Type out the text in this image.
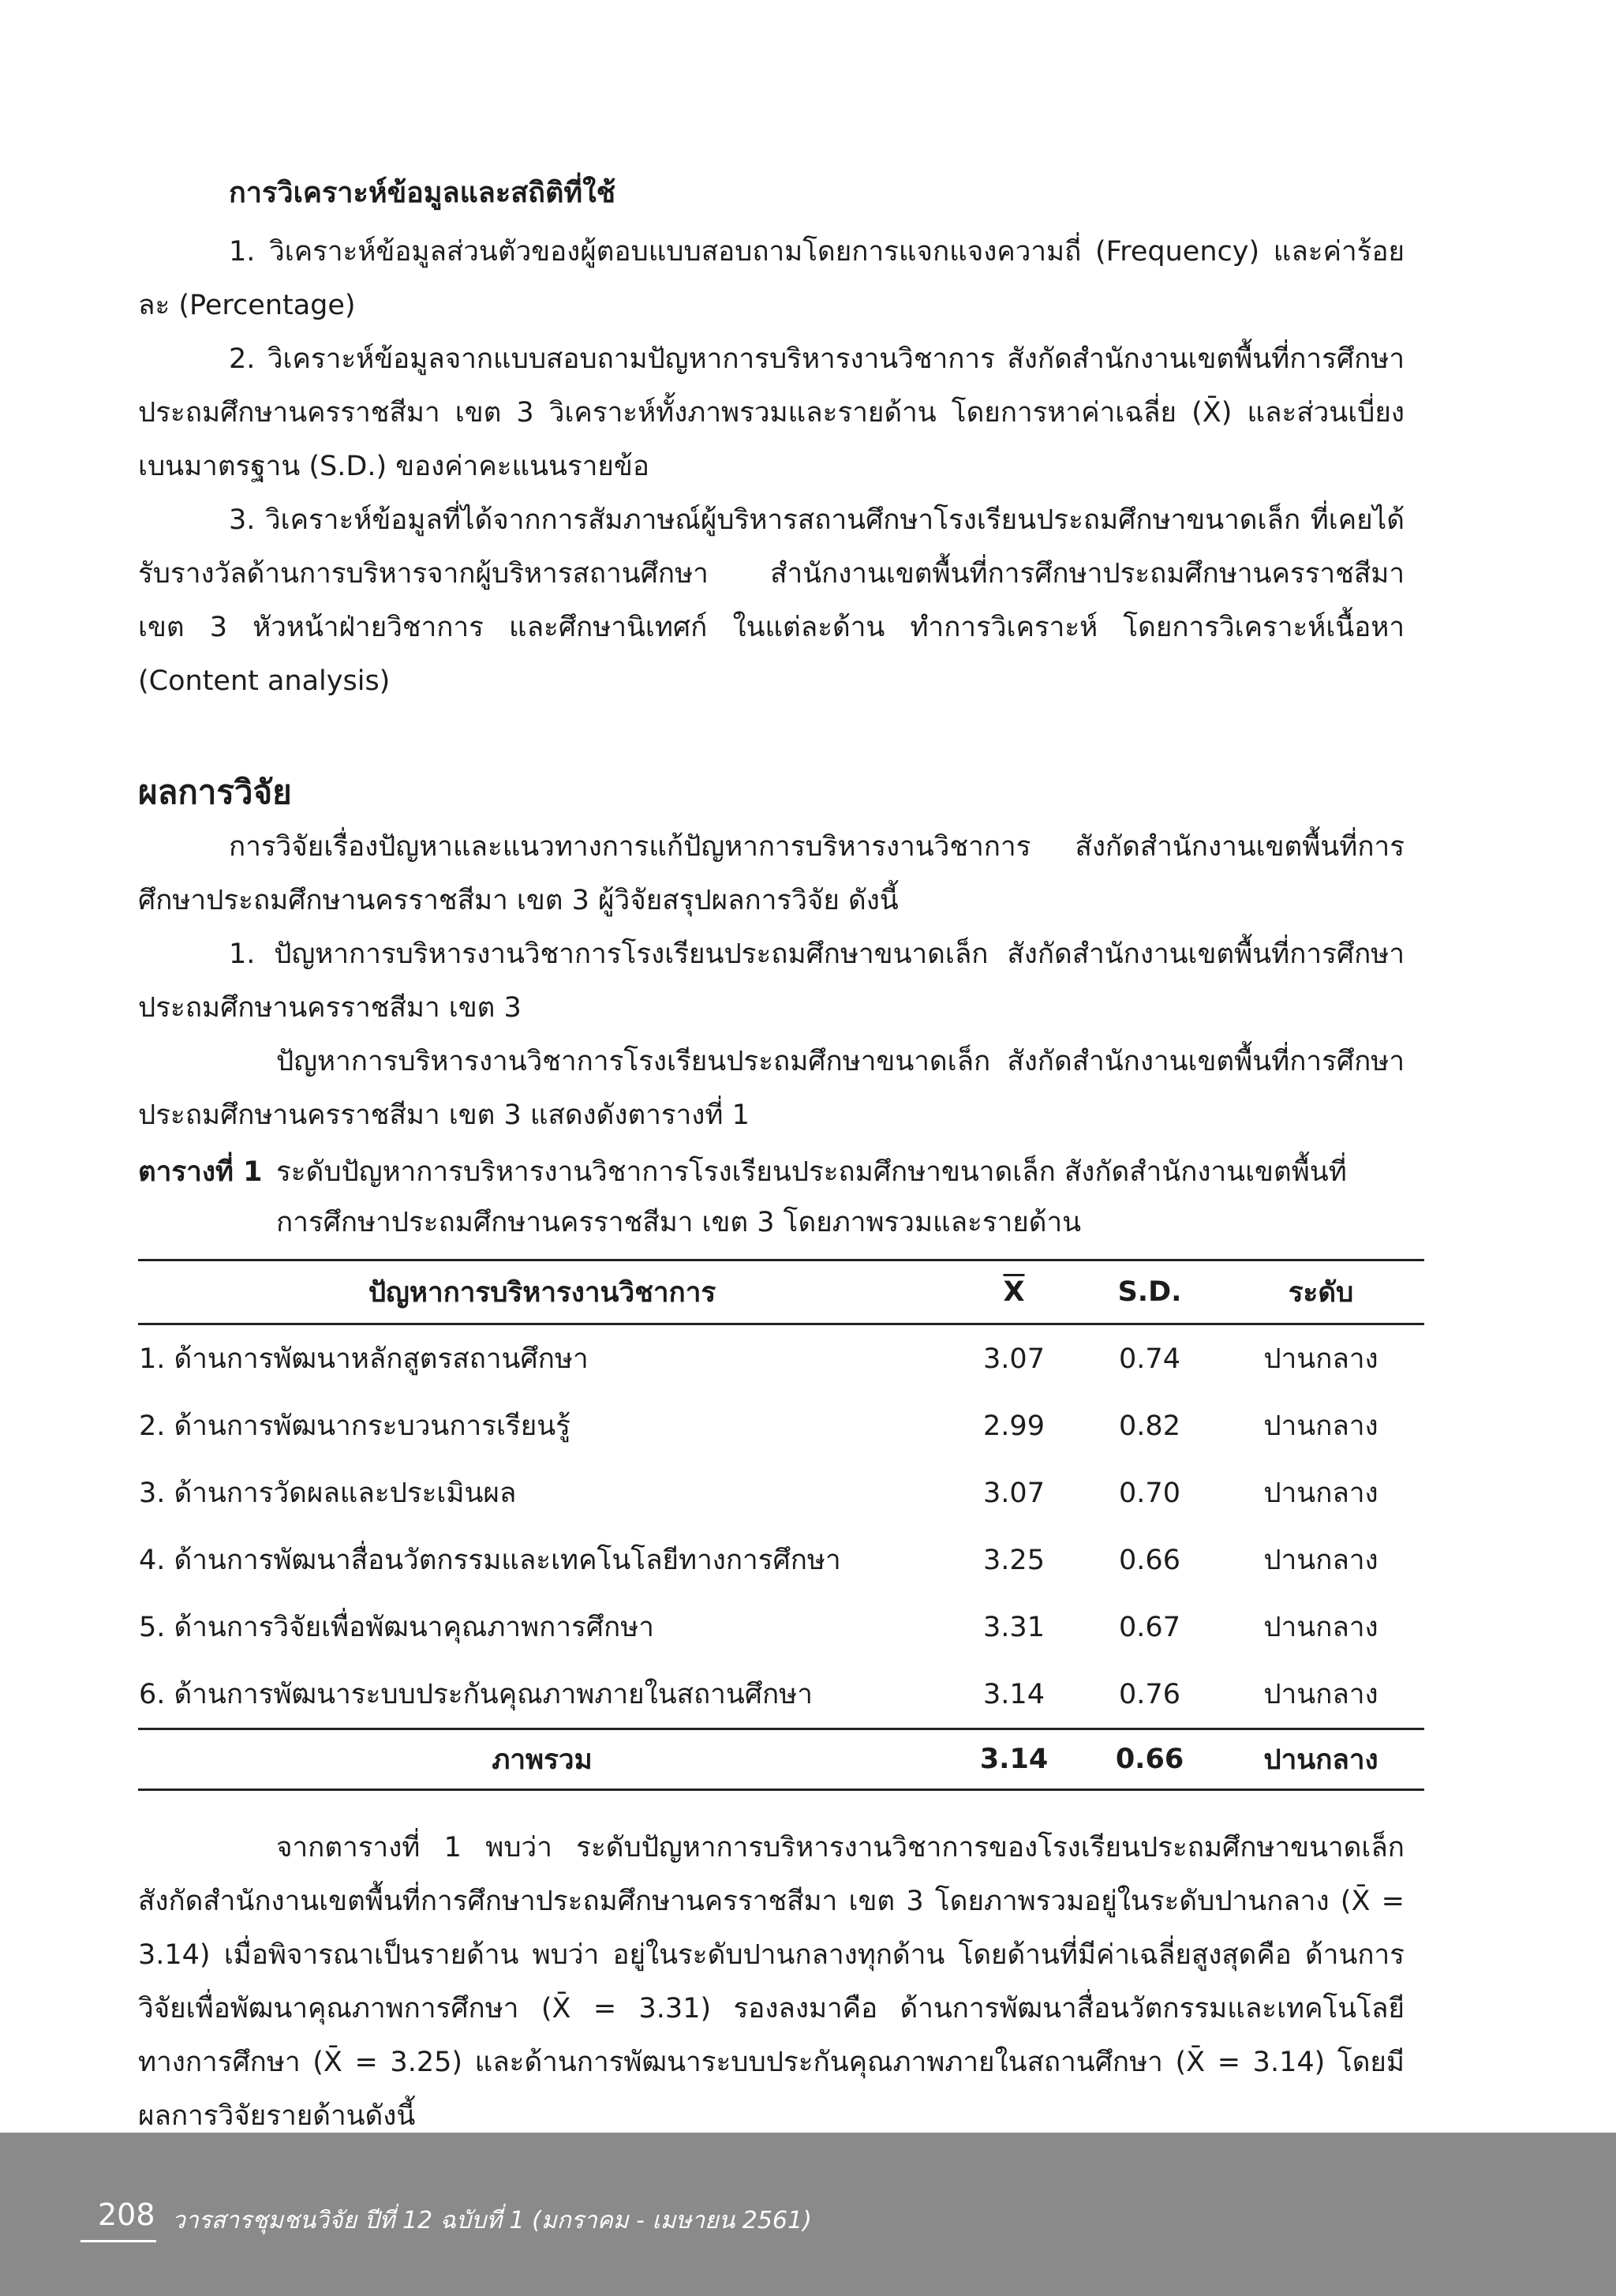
การวิเคราะห์ข้อมูลและสถิติที่ใช้

1. วิเคราะห์ข้อมูลส่วนตัวของผู้ตอบแบบสอบถามโดยการแจกแจงความถี่ (Frequency) และค่าร้อยละ (Percentage)

2. วิเคราะห์ข้อมูลจากแบบสอบถามปัญหาการบริหารงานวิชาการ สังกัดสำนักงานเขตพื้นที่การศึกษาประถมศึกษานครราชสีมา เขต 3 วิเคราะห์ทั้งภาพรวมและรายด้าน โดยการหาค่าเฉลี่ย (X̄) และส่วนเบี่ยงเบนมาตรฐาน (S.D.) ของค่าคะแนนรายข้อ

3. วิเคราะห์ข้อมูลที่ได้จากการสัมภาษณ์ผู้บริหารสถานศึกษาโรงเรียนประถมศึกษาขนาดเล็ก ที่เคยได้รับรางวัลด้านการบริหารจากผู้บริหารสถานศึกษา สำนักงานเขตพื้นที่การศึกษาประถมศึกษานครราชสีมา เขต 3 หัวหน้าฝ่ายวิชาการ และศึกษานิเทศก์ ในแต่ละด้าน ทำการวิเคราะห์ โดยการวิเคราะห์เนื้อหา (Content analysis)

ผลการวิจัย

การวิจัยเรื่องปัญหาและแนวทางการแก้ปัญหาการบริหารงานวิชาการ สังกัดสำนักงานเขตพื้นที่การศึกษาประถมศึกษานครราชสีมา เขต 3 ผู้วิจัยสรุปผลการวิจัย ดังนี้

1. ปัญหาการบริหารงานวิชาการโรงเรียนประถมศึกษาขนาดเล็ก สังกัดสำนักงานเขตพื้นที่การศึกษาประถมศึกษานครราชสีมา เขต 3

ปัญหาการบริหารงานวิชาการโรงเรียนประถมศึกษาขนาดเล็ก สังกัดสำนักงานเขตพื้นที่การศึกษาประถมศึกษานครราชสีมา เขต 3 แสดงดังตารางที่ 1

ตารางที่ 1 ระดับปัญหาการบริหารงานวิชาการโรงเรียนประถมศึกษาขนาดเล็ก สังกัดสำนักงานเขตพื้นที่
การศึกษาประถมศึกษานครราชสีมา เขต 3 โดยภาพรวมและรายด้าน
ปัญหาการบริหารงานวิชาการ	$\overline{X}$	S.D.	ระดับ
1. ด้านการพัฒนาหลักสูตรสถานศึกษา	3.07	0.74	ปานกลาง
2. ด้านการพัฒนากระบวนการเรียนรู้	2.99	0.82	ปานกลาง
3. ด้านการวัดผลและประเมินผล	3.07	0.70	ปานกลาง
4. ด้านการพัฒนาสื่อนวัตกรรมและเทคโนโลยีทางการศึกษา	3.25	0.66	ปานกลาง
5. ด้านการวิจัยเพื่อพัฒนาคุณภาพการศึกษา	3.31	0.67	ปานกลาง
6. ด้านการพัฒนาระบบประกันคุณภาพภายในสถานศึกษา	3.14	0.76	ปานกลาง
ภาพรวม	3.14	0.66	ปานกลาง

จากตารางที่ 1 พบว่า ระดับปัญหาการบริหารงานวิชาการของโรงเรียนประถมศึกษาขนาดเล็ก สังกัดสำนักงานเขตพื้นที่การศึกษาประถมศึกษานครราชสีมา เขต 3 โดยภาพรวมอยู่ในระดับปานกลาง (X̄ = 3.14) เมื่อพิจารณาเป็นรายด้าน พบว่า อยู่ในระดับปานกลางทุกด้าน โดยด้านที่มีค่าเฉลี่ยสูงสุดคือ ด้านการวิจัยเพื่อพัฒนาคุณภาพการศึกษา (X̄ = 3.31) รองลงมาคือ ด้านการพัฒนาสื่อนวัตกรรมและเทคโนโลยีทางการศึกษา (X̄ = 3.25) และด้านการพัฒนาระบบประกันคุณภาพภายในสถานศึกษา (X̄ = 3.14) โดยมีผลการวิจัยรายด้านดังนี้

208 วารสารชุมชนวิจัย ปีที่ 12 ฉบับที่ 1 (มกราคม - เมษายน 2561)
